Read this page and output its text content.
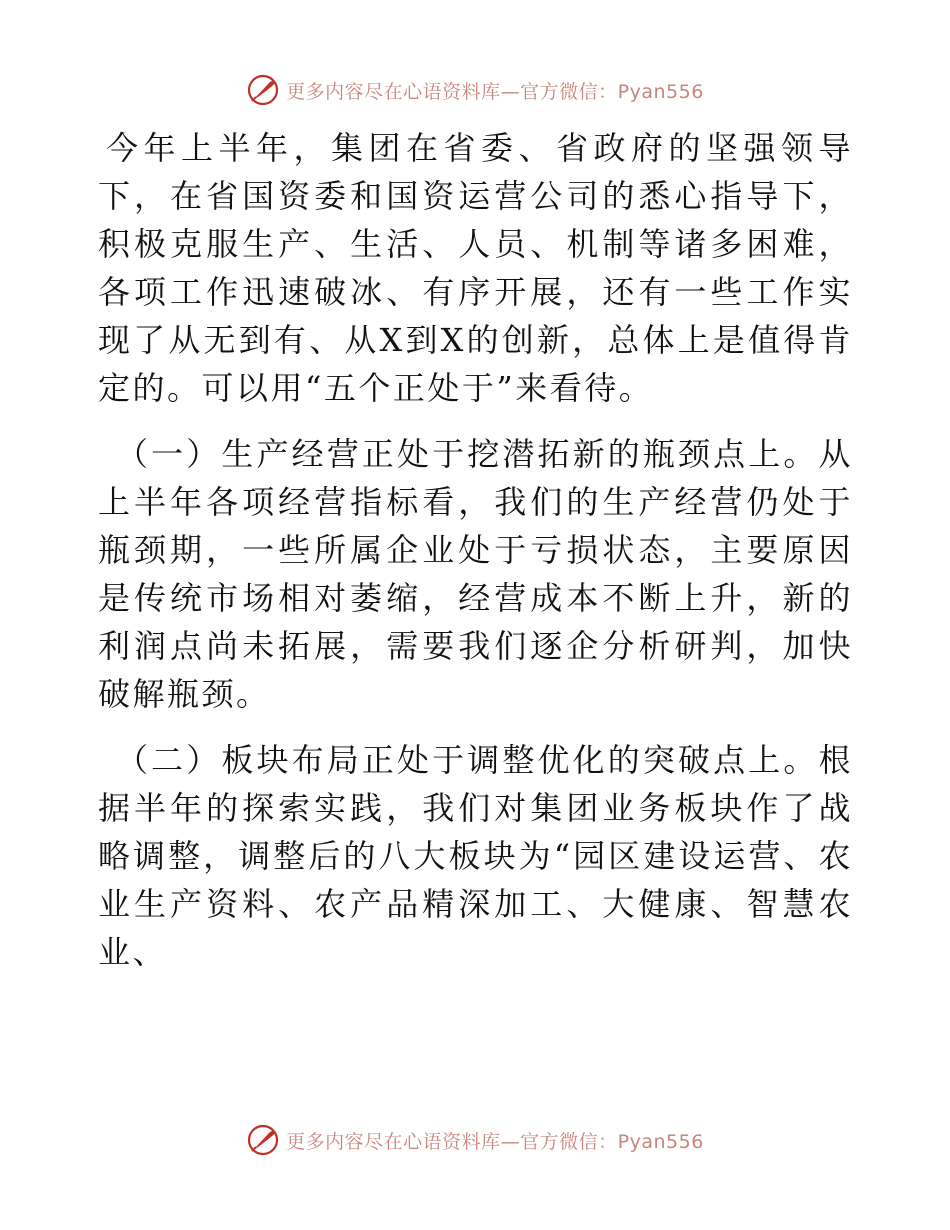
更多内容尽在心语资料库—官方微信：Pyan556

今年上半年，集团在省委、省政府的坚强领导下，在省国资委和国资运营公司的悉心指导下，积极克服生产、生活、人员、机制等诸多困难，各项工作迅速破冰、有序开展，还有一些工作实现了从无到有、从X到X的创新，总体上是值得肯定的。可以用“五个正处于”来看待。

（一）生产经营正处于挖潜拓新的瓶颈点上。从上半年各项经营指标看，我们的生产经营仍处于瓶颈期，一些所属企业处于亏损状态，主要原因是传统市场相对萎缩，经营成本不断上升，新的利润点尚未拓展，需要我们逐企分析研判，加快破解瓶颈。

（二）板块布局正处于调整优化的突破点上。根据半年的探索实践，我们对集团业务板块作了战略调整，调整后的八大板块为“园区建设运营、农业生产资料、农产品精深加工、大健康、智慧农业、

更多内容尽在心语资料库—官方微信：Pyan556
